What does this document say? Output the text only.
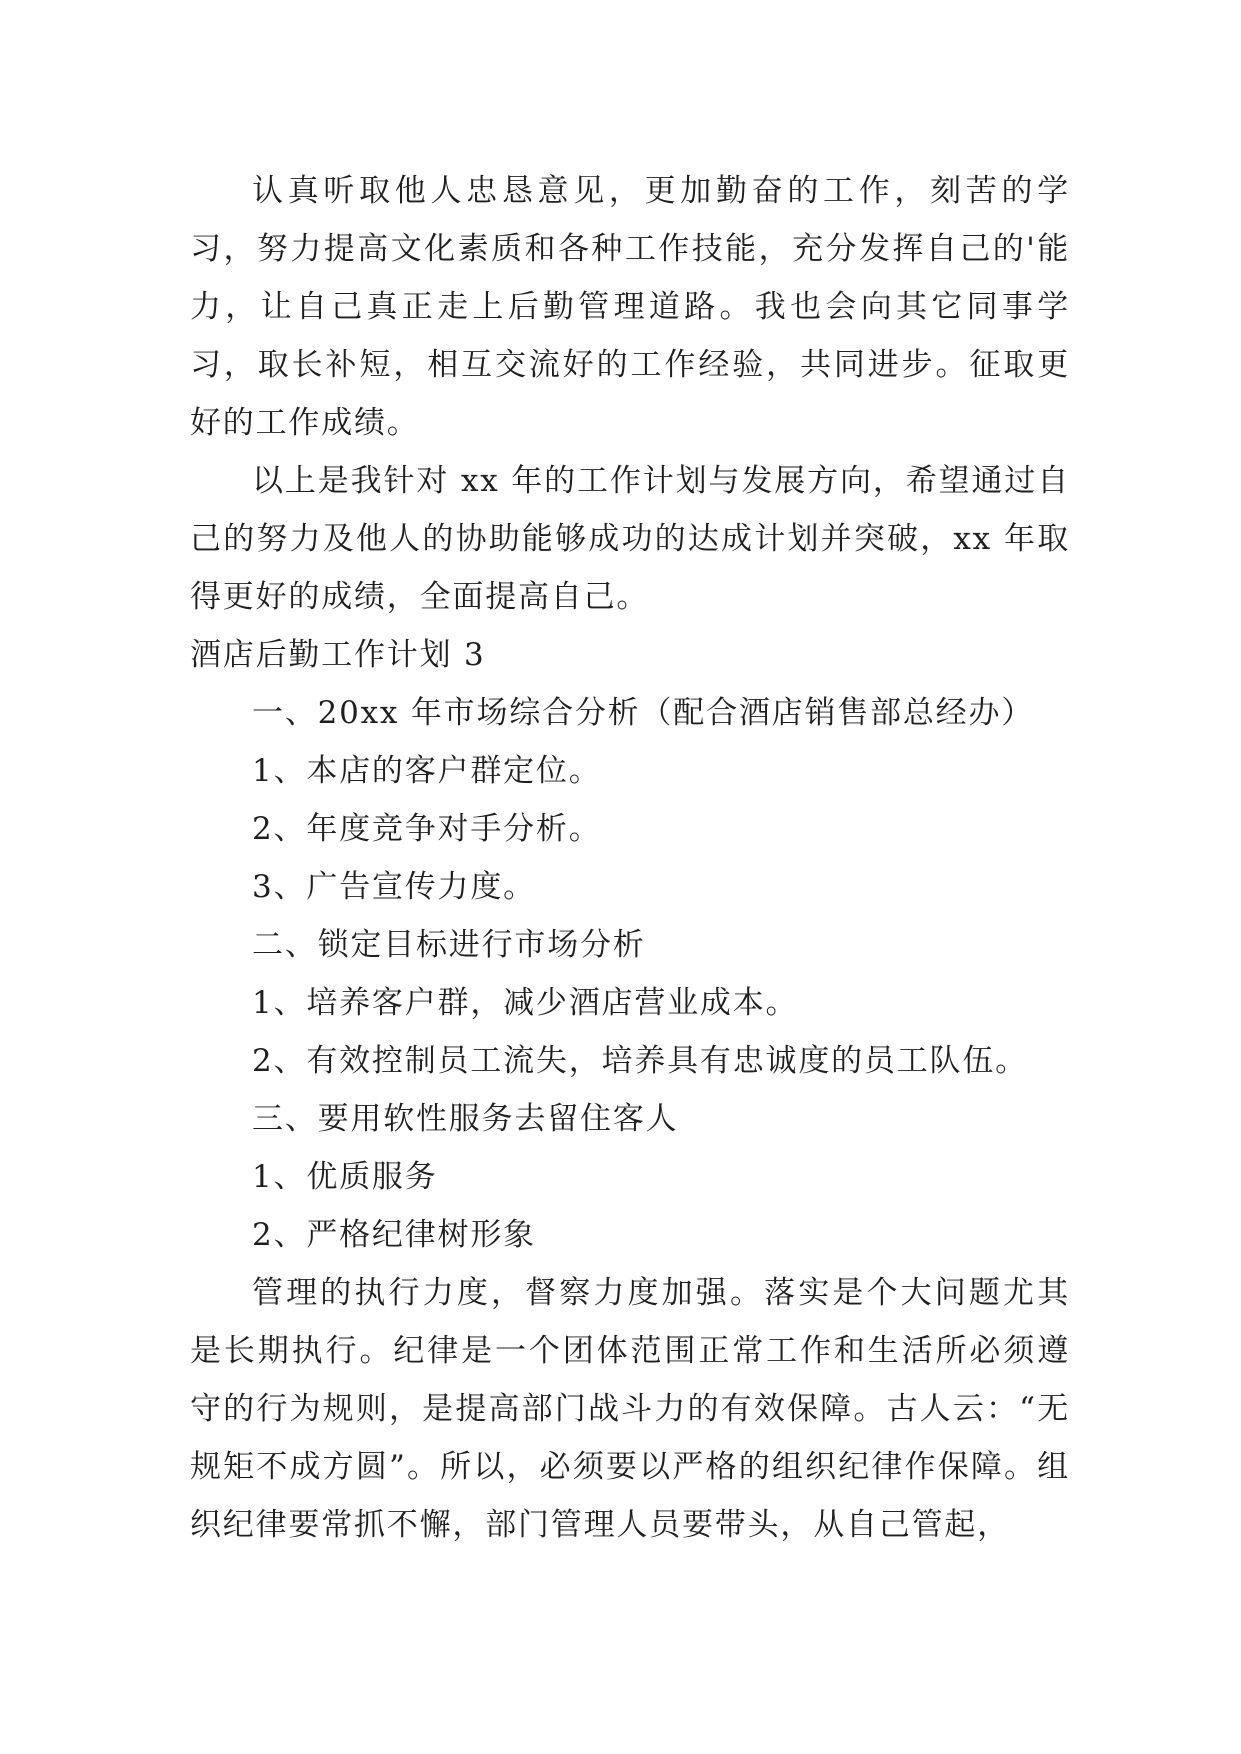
认真听取他人忠恳意见，更加勤奋的工作，刻苦的学习，努力提高文化素质和各种工作技能，充分发挥自己的'能力，让自己真正走上后勤管理道路。我也会向其它同事学习，取长补短，相互交流好的工作经验，共同进步。征取更好的工作成绩。

以上是我针对 xx 年的工作计划与发展方向，希望通过自己的努力及他人的协助能够成功的达成计划并突破，xx 年取得更好的成绩，全面提高自己。

酒店后勤工作计划 3

一、20xx 年市场综合分析（配合酒店销售部总经办）

1、本店的客户群定位。

2、年度竞争对手分析。

3、广告宣传力度。

二、锁定目标进行市场分析

1、培养客户群，减少酒店营业成本。

2、有效控制员工流失，培养具有忠诚度的员工队伍。

三、要用软性服务去留住客人

1、优质服务

2、严格纪律树形象

管理的执行力度，督察力度加强。落实是个大问题尤其是长期执行。纪律是一个团体范围正常工作和生活所必须遵守的行为规则，是提高部门战斗力的有效保障。古人云：“无规矩不成方圆”。所以，必须要以严格的组织纪律作保障。组织纪律要常抓不懈，部门管理人员要带头，从自己管起，
